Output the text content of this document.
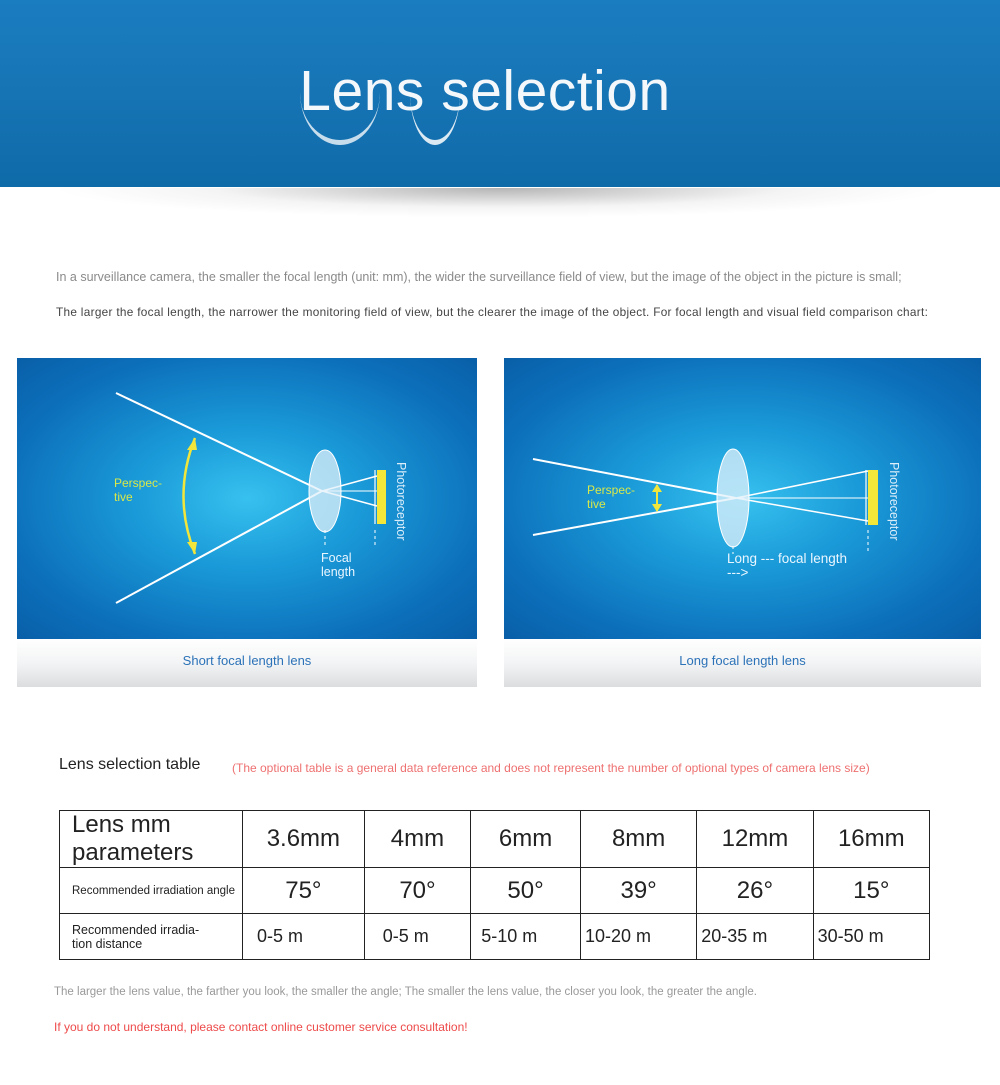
Lens selection
In a surveillance camera, the smaller the focal length (unit: mm), the wider the surveillance field of view, but the image of the object in the picture is small;
The larger the focal length, the narrower the monitoring field of view, but the clearer the image of the object. For focal length and visual field comparison chart:
Perspec-
tive
Focal
length
Photoreceptor
Short focal length lens
Perspec-
tive
Long --- focal length
--->
Photoreceptor
Long focal length lens
Lens selection table	(The optional table is a general data reference and does not represent the number of optional types of camera lens size)
Lens mm parameters	3.6mm	4mm	6mm	8mm	12mm	16mm
Recommended irradiation angle	75°	70°	50°	39°	26°	15°
Recommended irradia-
tion distance	0-5 m	0-5 m	5-10 m	10-20 m	20-35 m	30-50 m
The larger the lens value, the farther you look, the smaller the angle; The smaller the lens value, the closer you look, the greater the angle.
If you do not understand, please contact online customer service consultation!
